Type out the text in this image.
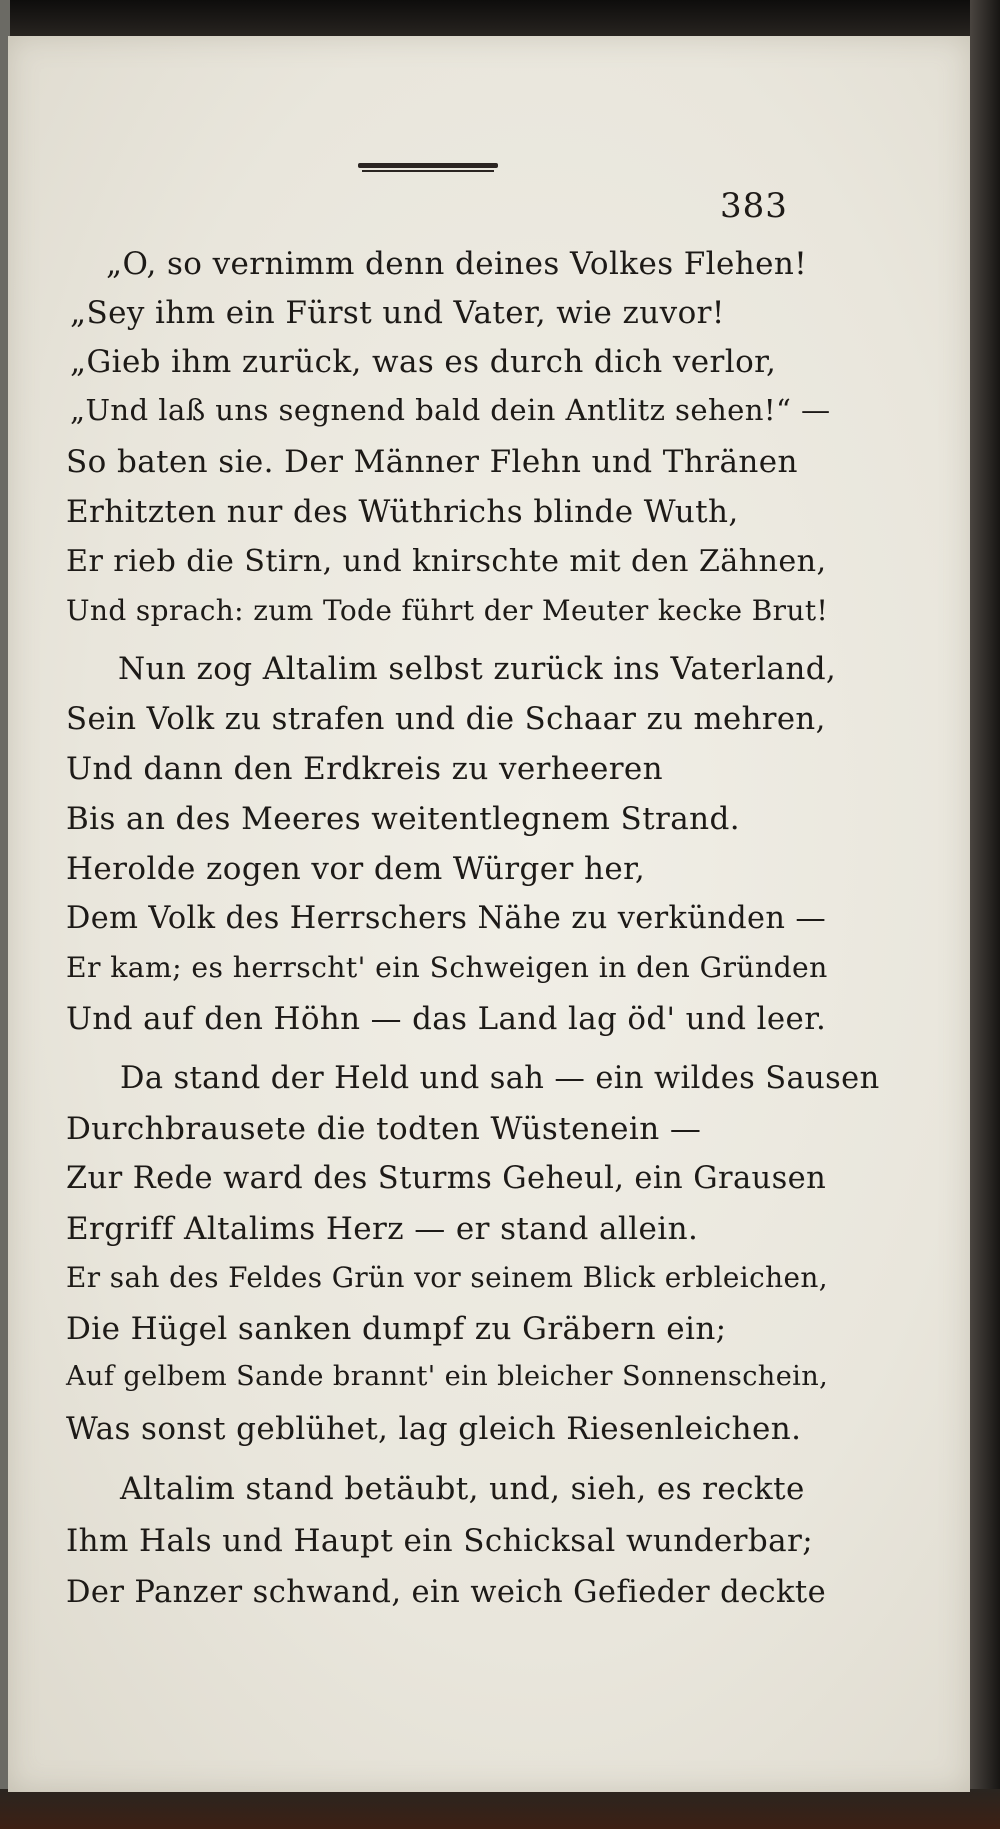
383
„O, so vernimm denn deines Volkes Flehen!
„Sey ihm ein Fürst und Vater, wie zuvor!
„Gieb ihm zurück, was es durch dich verlor,
„Und laß uns segnend bald dein Antlitz sehen!“ —
So baten sie. Der Männer Flehn und Thränen
Erhitzten nur des Wüthrichs blinde Wuth,
Er rieb die Stirn, und knirschte mit den Zähnen,
Und sprach: zum Tode führt der Meuter kecke Brut!
Nun zog Altalim selbst zurück ins Vaterland,
Sein Volk zu strafen und die Schaar zu mehren,
Und dann den Erdkreis zu verheeren
Bis an des Meeres weitentlegnem Strand.
Herolde zogen vor dem Würger her,
Dem Volk des Herrschers Nähe zu verkünden —
Er kam; es herrscht' ein Schweigen in den Gründen
Und auf den Höhn — das Land lag öd' und leer.
Da stand der Held und sah — ein wildes Sausen
Durchbrausete die todten Wüstenein —
Zur Rede ward des Sturms Geheul, ein Grausen
Ergriff Altalims Herz — er stand allein.
Er sah des Feldes Grün vor seinem Blick erbleichen,
Die Hügel sanken dumpf zu Gräbern ein;
Auf gelbem Sande brannt' ein bleicher Sonnenschein,
Was sonst geblühet, lag gleich Riesenleichen.
Altalim stand betäubt, und, sieh, es reckte
Ihm Hals und Haupt ein Schicksal wunderbar;
Der Panzer schwand, ein weich Gefieder deckte
